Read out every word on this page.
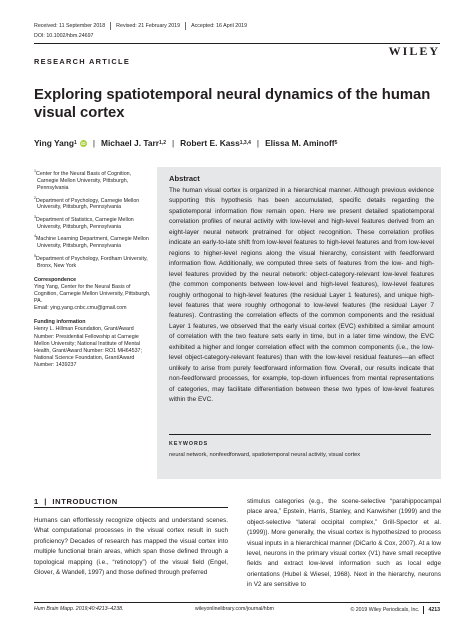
Received: 11 September 2018 Revised: 21 February 2019 Accepted: 16 April 2019
DOI: 10.1002/hbm.24697
WILEY
RESEARCH ARTICLE
Exploring spatiotemporal neural dynamics of the human visual cortex
Ying Yang 1 iD | Michael J. Tarr 1,2 | Robert E. Kass 1,3,4 | Elissa M. Aminoff 5

$^1$Center for the Neural Basis of Cognition, Carnegie Mellon University, Pittsburgh, Pennsylvania

$^2$Department of Psychology, Carnegie Mellon University, Pittsburgh, Pennsylvania

$^3$Department of Statistics, Carnegie Mellon University, Pittsburgh, Pennsylvania

$^4$Machine Learning Department, Carnegie Mellon University, Pittsburgh, Pennsylvania

$^5$Department of Psychology, Fordham University, Bronx, New York

Correspondence

Ying Yang, Center for the Neural Basis of Cognition, Carnegie Mellon University, Pittsburgh, PA.

Email: ying.yang.cnbc.cmu@gmail.com

Funding information

Henry L. Hillman Foundation, Grant/Award Number: Presidential Fellowship at Carnegie Mellon University; National Institute of Mental Health, Grant/Award Number: RO1 MH64537; National Science Foundation, Grant/Award Number: 1439237

Abstract

The human visual cortex is organized in a hierarchical manner. Although previous evidence supporting this hypothesis has been accumulated, specific details regarding the spatiotemporal information flow remain open. Here we present detailed spatiotemporal correlation profiles of neural activity with low-level and high-level features derived from an eight-layer neural network pretrained for object recognition. These correlation profiles indicate an early-to-late shift from low-level features to high-level features and from low-level regions to higher-level regions along the visual hierarchy, consistent with feedforward information flow. Additionally, we computed three sets of features from the low- and high-level features provided by the neural network: object-category-relevant low-level features (the common components between low-level and high-level features), low-level features roughly orthogonal to high-level features (the residual Layer 1 features), and unique high-level features that were roughly orthogonal to low-level features (the residual Layer 7 features). Contrasting the correlation effects of the common components and the residual Layer 1 features, we observed that the early visual cortex (EVC) exhibited a similar amount of correlation with the two feature sets early in time, but in a later time window, the EVC exhibited a higher and longer correlation effect with the common components (i.e., the low-level object-category-relevant features) than with the low-level residual features—an effect unlikely to arise from purely feedforward information flow. Overall, our results indicate that non-feedforward processes, for example, top-down influences from mental representations of categories, may facilitate differentiation between these two types of low-level features within the EVC.

KEYWORDS
neural network, nonfeedforward, spatiotemporal neural activity, visual cortex
1  |  INTRODUCTION

Humans can effortlessly recognize objects and understand scenes. What computational processes in the visual cortex result in such proficiency? Decades of research has mapped the visual cortex into multiple functional brain areas, which span those defined through a topological mapping (i.e., “retinotopy”) of the visual field (Engel, Glover, & Wandell, 1997) and those defined through preferred

stimulus categories (e.g., the scene-selective “parahippocampal place area,” Epstein, Harris, Stanley, and Kanwisher (1999) and the object-selective “lateral occipital complex,” Grill-Spector et al. (1999)). More generally, the visual cortex is hypothesized to process visual inputs in a hierarchical manner (DiCarlo & Cox, 2007). At a low level, neurons in the primary visual cortex (V1) have small receptive fields and extract low-level information such as local edge orientations (Hubel & Wiesel, 1968). Next in the hierarchy, neurons in V2 are sensitive to

Hum Brain Mapp. 2019;40:4213–4238.	wileyonlinelibrary.com/journal/hbm	© 2019 Wiley Periodicals, Inc. 4213
